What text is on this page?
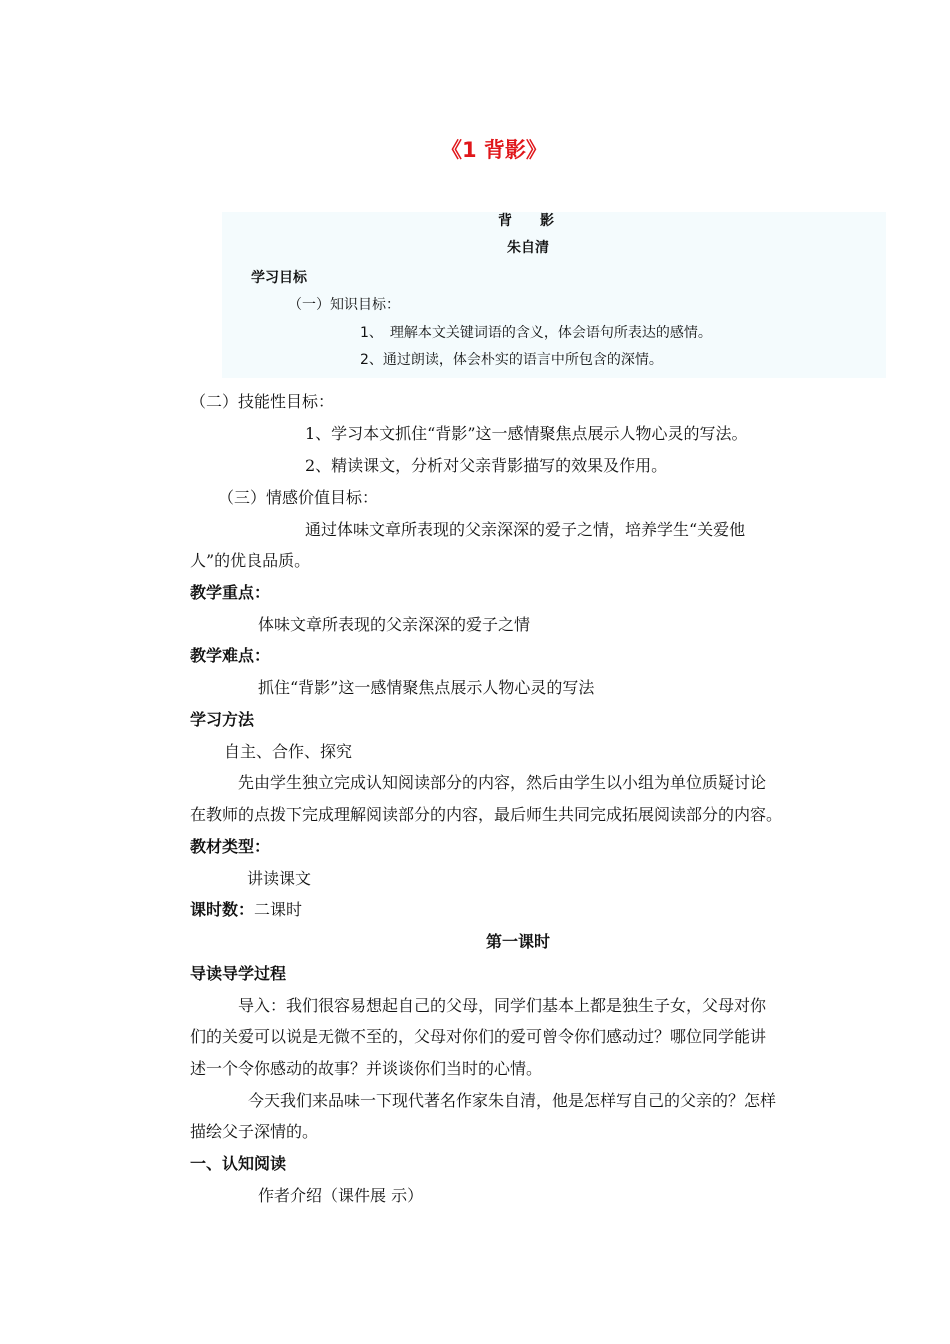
《1 背影》
背　　影
朱自清
学习目标
（一）知识目标：
1、　理解本文关键词语的含义，体会语句所表达的感情。
2、通过朗读，体会朴实的语言中所包含的深情。
（二）技能性目标：
1、学习本文抓住“背影”这一感情聚焦点展示人物心灵的写法。
2、精读课文，分析对父亲背影描写的效果及作用。
（三）情感价值目标：
通过体味文章所表现的父亲深深的爱子之情，培养学生“关爱他
人”的优良品质。
教学重点：
体味文章所表现的父亲深深的爱子之情
教学难点：
抓住“背影”这一感情聚焦点展示人物心灵的写法
学习方法
自主、合作、探究
先由学生独立完成认知阅读部分的内容，然后由学生以小组为单位质疑讨论
在教师的点拨下完成理解阅读部分的内容，最后师生共同完成拓展阅读部分的内容。
教材类型：
讲读课文
课时数：二课时
第一课时
导读导学过程
导入：我们很容易想起自己的父母，同学们基本上都是独生子女，父母对你
们的关爱可以说是无微不至的，父母对你们的爱可曾令你们感动过？哪位同学能讲
述一个令你感动的故事？并谈谈你们当时的心情。
今天我们来品味一下现代著名作家朱自清，他是怎样写自己的父亲的？怎样
描绘父子深情的。
一、认知阅读
作者介绍（课件展 示）
